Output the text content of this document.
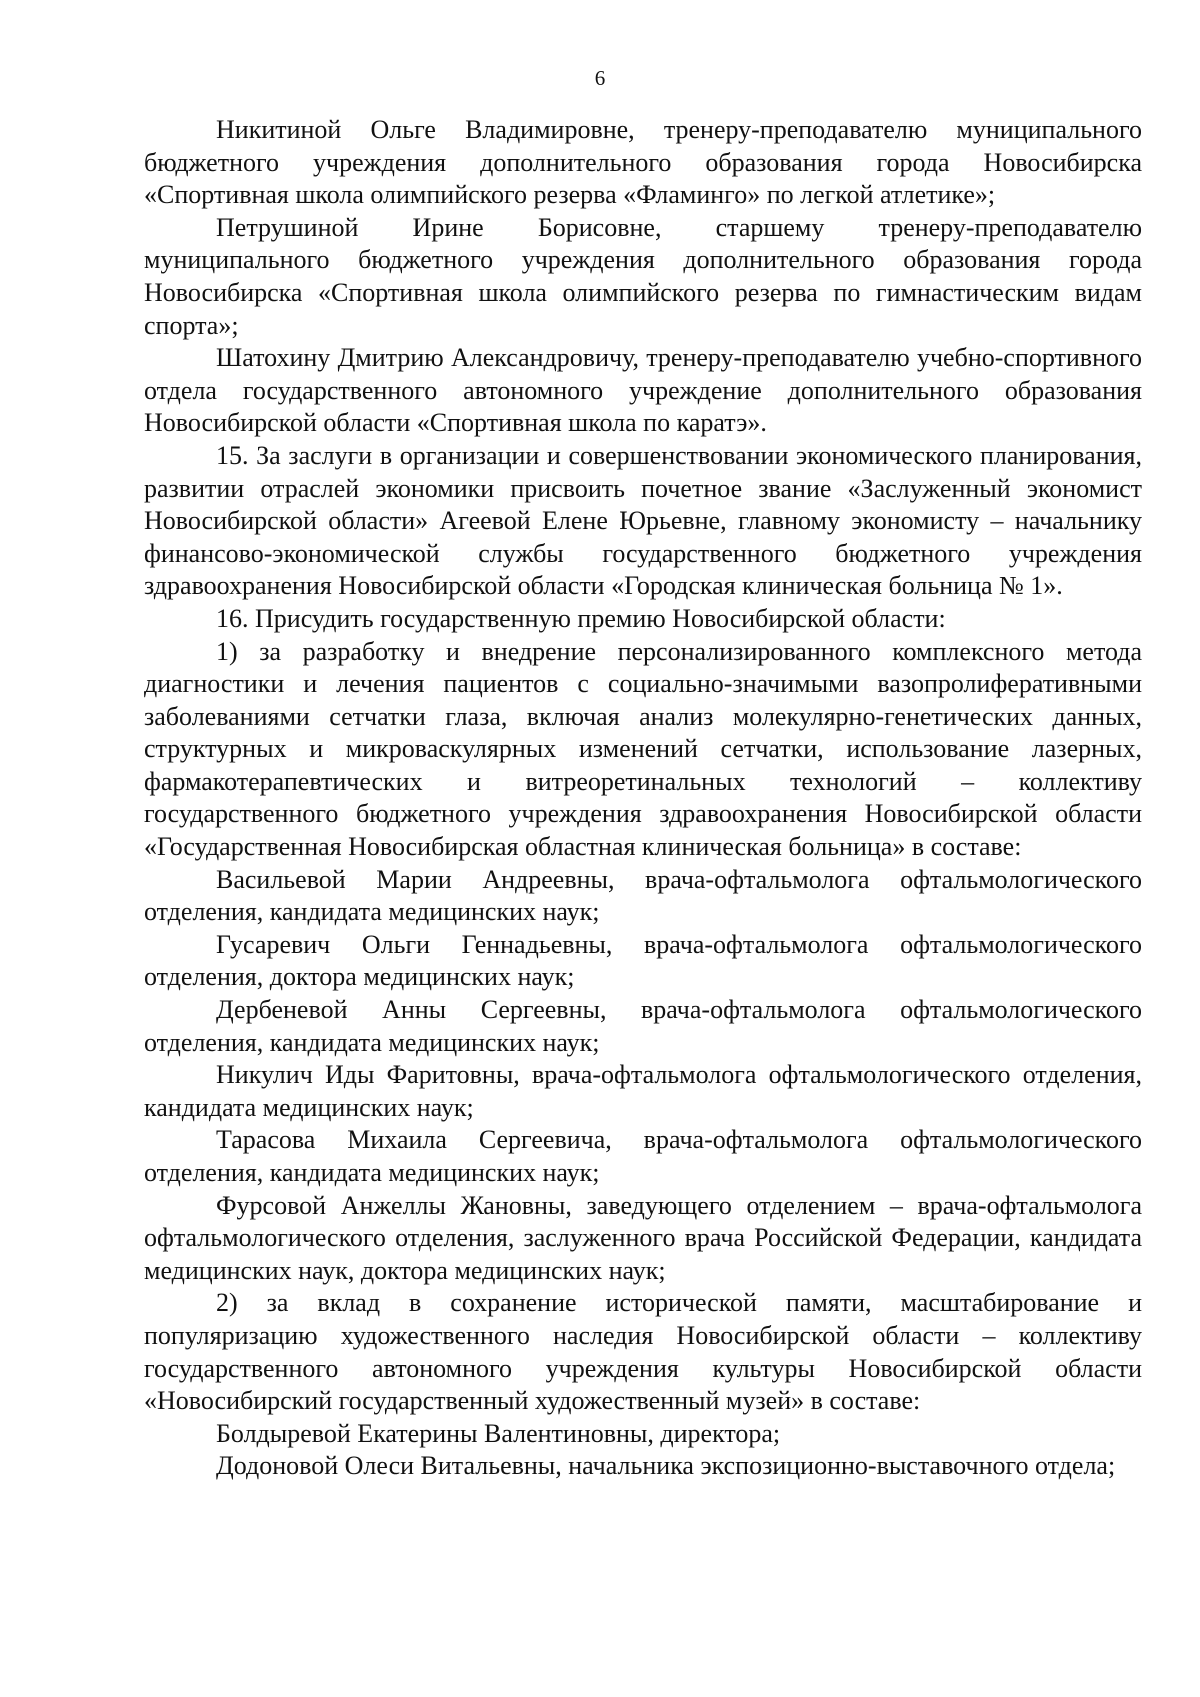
6

Никитиной Ольге Владимировне, тренеру-преподавателю муниципального бюджетного учреждения дополнительного образования города Новосибирска «Спортивная школа олимпийского резерва «Фламинго» по легкой атлетике»;

Петрушиной Ирине Борисовне, старшему тренеру-преподавателю муниципального бюджетного учреждения дополнительного образования города Новосибирска «Спортивная школа олимпийского резерва по гимнастическим видам спорта»;

Шатохину Дмитрию Александровичу, тренеру-преподавателю учебно-спортивного отдела государственного автономного учреждение дополнительного образования Новосибирской области «Спортивная школа по каратэ».

15. За заслуги в организации и совершенствовании экономического планирования, развитии отраслей экономики присвоить почетное звание «Заслуженный экономист Новосибирской области» Агеевой Елене Юрьевне, главному экономисту – начальнику финансово-экономической службы государственного бюджетного учреждения здравоохранения Новосибирской области «Городская клиническая больница № 1».

16. Присудить государственную премию Новосибирской области:

1) за разработку и внедрение персонализированного комплексного метода диагностики и лечения пациентов с социально-значимыми вазопролиферативными заболеваниями сетчатки глаза, включая анализ молекулярно-генетических данных, структурных и микроваскулярных изменений сетчатки, использование лазерных, фармакотерапевтических и витреоретинальных технологий – коллективу государственного бюджетного учреждения здравоохранения Новосибирской области «Государственная Новосибирская областная клиническая больница» в составе:

Васильевой Марии Андреевны, врача-офтальмолога офтальмологического отделения, кандидата медицинских наук;

Гусаревич Ольги Геннадьевны, врача-офтальмолога офтальмологического отделения, доктора медицинских наук;

Дербеневой Анны Сергеевны, врача-офтальмолога офтальмологического отделения, кандидата медицинских наук;

Никулич Иды Фаритовны, врача-офтальмолога офтальмологического отделения, кандидата медицинских наук;

Тарасова Михаила Сергеевича, врача-офтальмолога офтальмологического отделения, кандидата медицинских наук;

Фурсовой Анжеллы Жановны, заведующего отделением – врача-офтальмолога офтальмологического отделения, заслуженного врача Российской Федерации, кандидата медицинских наук, доктора медицинских наук;

2) за вклад в сохранение исторической памяти, масштабирование и популяризацию художественного наследия Новосибирской области – коллективу государственного автономного учреждения культуры Новосибирской области «Новосибирский государственный художественный музей» в составе:

Болдыревой Екатерины Валентиновны, директора;

Додоновой Олеси Витальевны, начальника экспозиционно-выставочного отдела;
